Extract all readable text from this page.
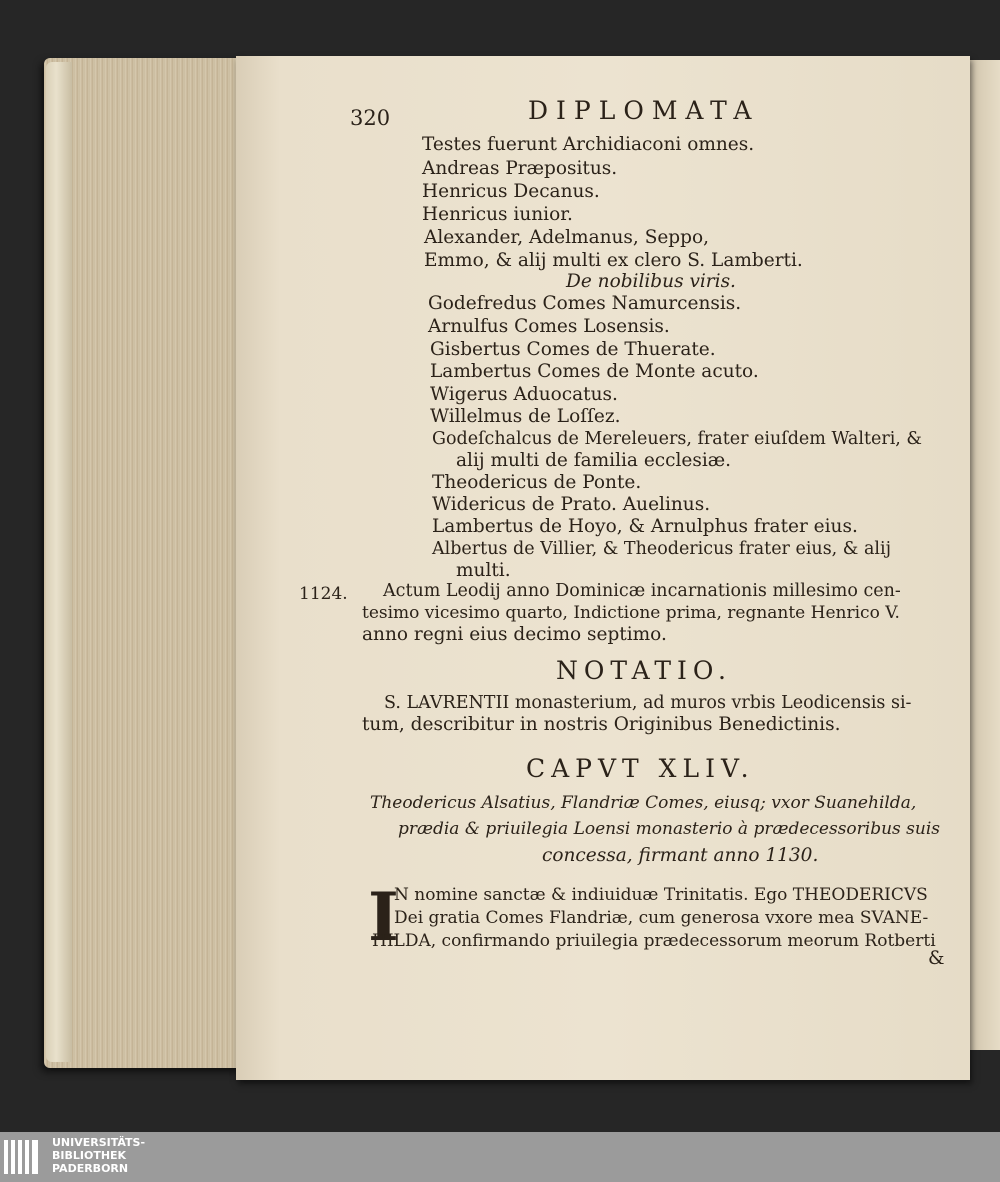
320	DIPLOMATA
Testes fuerunt Archidiaconi omnes.
Andreas Præpositus.
Henricus Decanus.
Henricus iunior.
Alexander, Adelmanus, Seppo,
Emmo, & alij multi ex clero S. Lamberti.
De nobilibus viris.
Godefredus Comes Namurcensis.
Arnulfus Comes Losensis.
Gisbertus Comes de Thuerate.
Lambertus Comes de Monte acuto.
Wigerus Aduocatus.
Willelmus de Loſſez.
Godeſchalcus de Mereleuers, frater eiuſdem Walteri, &
alij multi de familia ecclesiæ.
Theodericus de Ponte.
Widericus de Prato. Auelinus.
Lambertus de Hoyo, & Arnulphus frater eius.
Albertus de Villier, & Theodericus frater eius, & alij
multi.
1124. Actum Leodij anno Dominicæ incarnationis millesimo cen-
tesimo vicesimo quarto, Indictione prima, regnante Henrico V.
anno regni eius decimo septimo.
NOTATIO.
S. LAVRENTII monasterium, ad muros vrbis Leodicensis si-
tum, describitur in nostris Originibus Benedictinis.
CAPVT XLIV.
Theodericus Alsatius, Flandriæ Comes, eiusq; vxor Suanehilda,
prædia & priuilegia Loensi monasterio à prædecessoribus suis
concessa, firmant anno 1130.
I
N nomine sanctæ & indiuiduæ Trinitatis. Ego THEODERICVS
Dei gratia Comes Flandriæ, cum generosa vxore mea SVANE-
HILDA, confirmando priuilegia prædecessorum meorum Rotberti
&
UNIVERSITÄTS-
BIBLIOTHEK
PADERBORN
